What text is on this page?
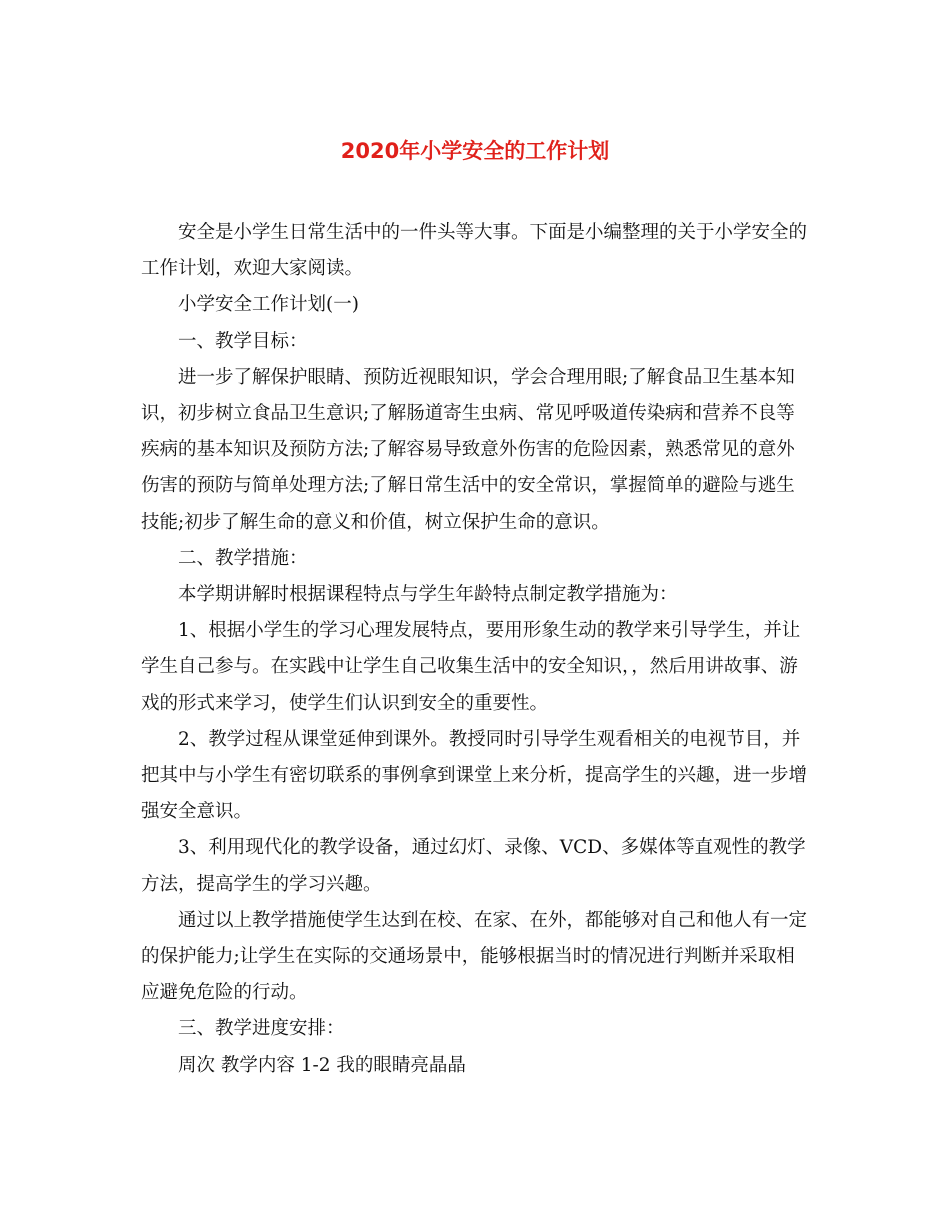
2020年小学安全的工作计划

安全是小学生日常生活中的一件头等大事。下面是小编整理的关于小学安全的工作计划，欢迎大家阅读。

小学安全工作计划(一)

一、教学目标：

进一步了解保护眼睛、预防近视眼知识，学会合理用眼;了解食品卫生基本知识，初步树立食品卫生意识;了解肠道寄生虫病、常见呼吸道传染病和营养不良等疾病的基本知识及预防方法;了解容易导致意外伤害的危险因素，熟悉常见的意外伤害的预防与简单处理方法;了解日常生活中的安全常识，掌握简单的避险与逃生技能;初步了解生命的意义和价值，树立保护生命的意识。

二、教学措施：

本学期讲解时根据课程特点与学生年龄特点制定教学措施为：

1、根据小学生的学习心理发展特点，要用形象生动的教学来引导学生，并让学生自己参与。在实践中让学生自己收集生活中的安全知识，，然后用讲故事、游戏的形式来学习，使学生们认识到安全的重要性。

2、教学过程从课堂延伸到课外。教授同时引导学生观看相关的电视节目，并把其中与小学生有密切联系的事例拿到课堂上来分析，提高学生的兴趣，进一步增强安全意识。

3、利用现代化的教学设备，通过幻灯、录像、VCD、多媒体等直观性的教学方法，提高学生的学习兴趣。

通过以上教学措施使学生达到在校、在家、在外，都能够对自己和他人有一定的保护能力;让学生在实际的交通场景中，能够根据当时的情况进行判断并采取相应避免危险的行动。

三、教学进度安排：

周次 教学内容 1-2 我的眼睛亮晶晶
